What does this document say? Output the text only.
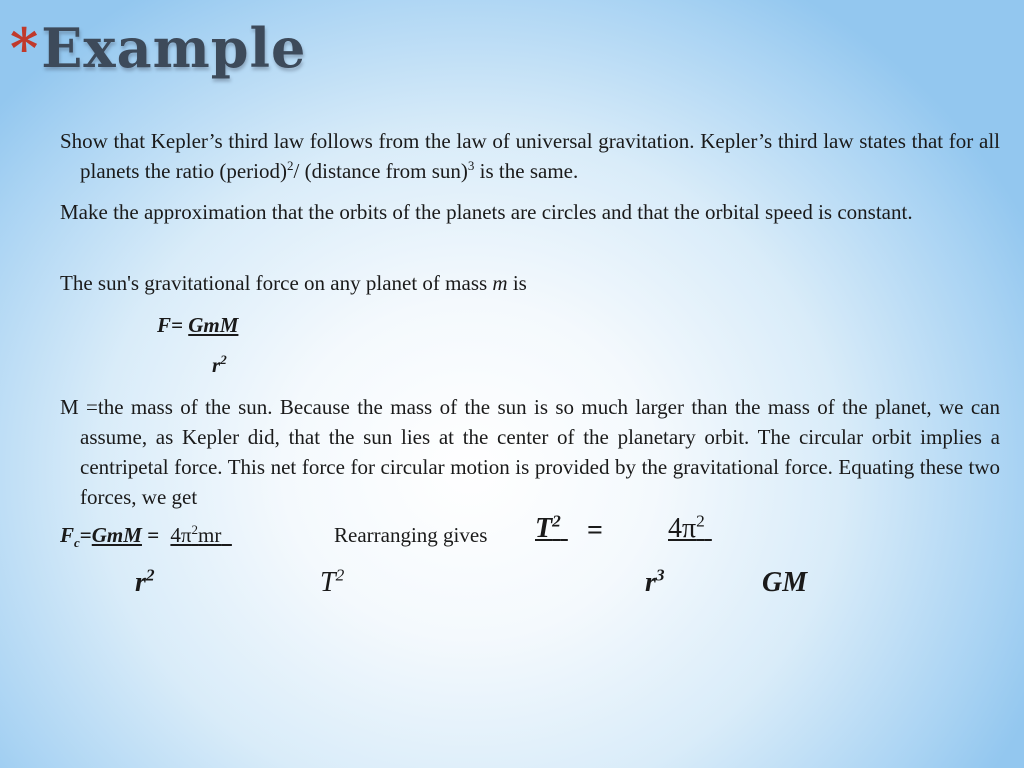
*Example
Show that Kepler’s third law follows from the law of universal gravitation. Kepler’s third law states that for all planets the ratio (period)$^2$/ (distance from sun)$^3$ is the same.
Make the approximation that the orbits of the planets are circles and that the orbital speed is constant.
The sun's gravitational force on any planet of mass m is
F= GmM
$r^2$
M =the mass of the sun. Because the mass of the sun is so much larger than the mass of the planet, we can assume, as Kepler did, that the sun lies at the center of the planetary orbit. The circular orbit implies a centripetal force. This net force for circular motion is provided by the gravitational force. Equating these two forces, we get
$F_c=GmM = 4\pi^2mr$	Rearranging gives $T^2 = 4\pi^2$
$r^2$	$T^2$	$r^3$	GM
